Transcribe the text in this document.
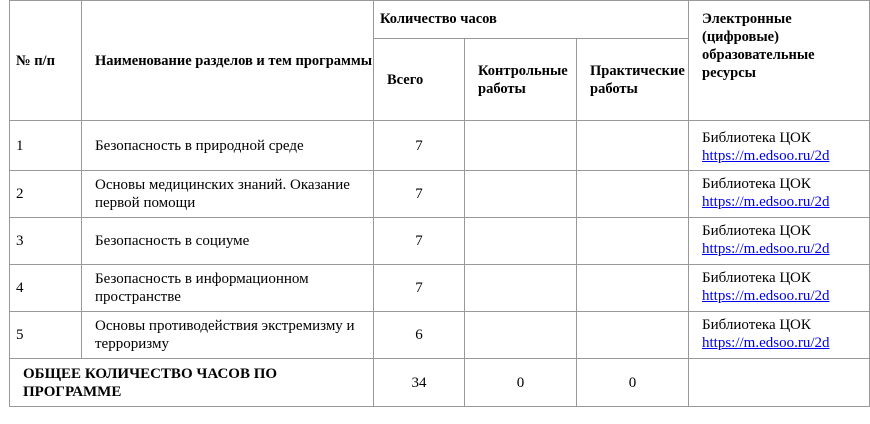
№ п/п	Наименование разделов и тем программы	Количество часов			Электронные (цифровые) образовательные ресурсы
		Всего	Контрольные работы	Практические работы	
1	Безопасность в природной среде	7			Библиотека ЦОК
https://m.edsoo.ru/2d
2	Основы медицинских знаний. Оказание первой помощи	7			Библиотека ЦОК
https://m.edsoo.ru/2d
3	Безопасность в социуме	7			Библиотека ЦОК
https://m.edsoo.ru/2d
4	Безопасность в информационном пространстве	7			Библиотека ЦОК
https://m.edsoo.ru/2d
5	Основы противодействия экстремизму и терроризму	6			Библиотека ЦОК
https://m.edsoo.ru/2d
ОБЩЕЕ КОЛИЧЕСТВО ЧАСОВ ПО ПРОГРАММЕ		34	0	0	
